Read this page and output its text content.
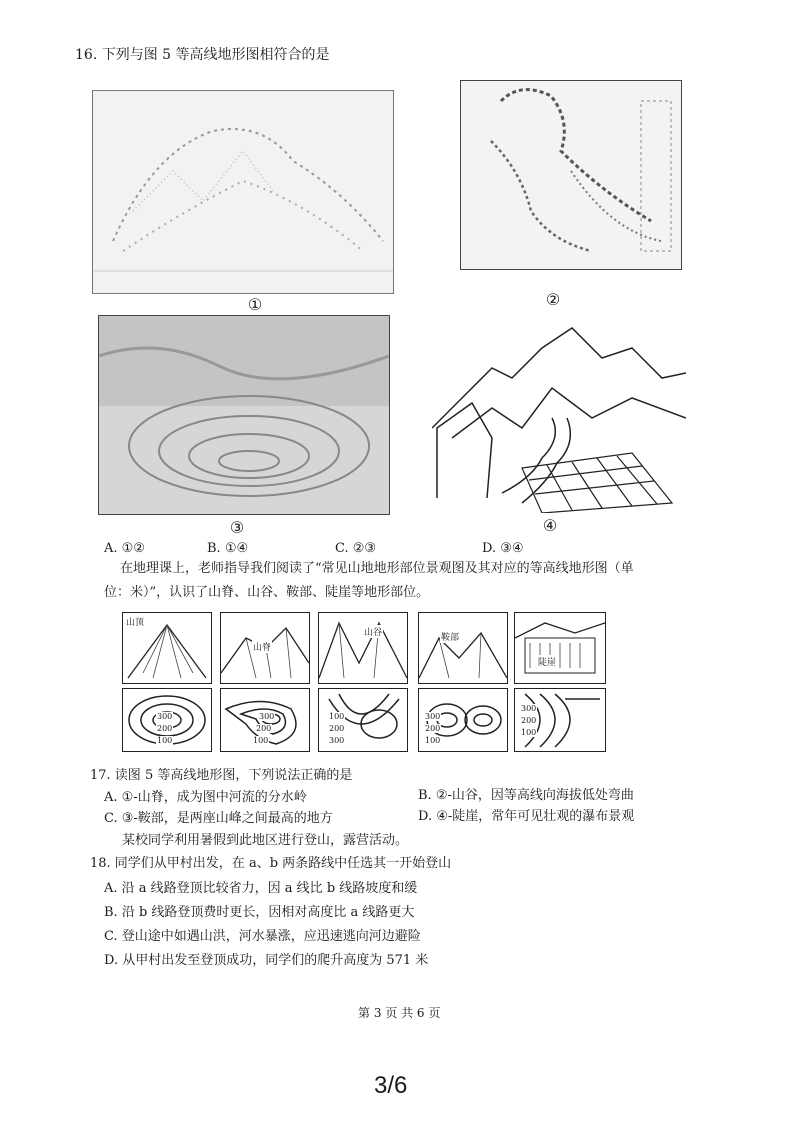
16. 下列与图 5 等高线地形图相符合的是
①	②
③	④
A. ①②	B. ①④	C. ②③	D. ③④
在地理课上，老师指导我们阅读了“常见山地地形部位景观图及其对应的等高线地形图（单
位：米）”，认识了山脊、山谷、鞍部、陡崖等地形部位。
山顶
山脊
山谷	鞍部
陡崖
300
200
100
300
200
100
100
200
300
300
200
100
300
200
100
17. 读图 5 等高线地形图，下列说法正确的是
A. ①-山脊，成为图中河流的分水岭	B. ②-山谷，因等高线向海拔低处弯曲
C. ③-鞍部，是两座山峰之间最高的地方	D. ④-陡崖，常年可见壮观的瀑布景观
某校同学利用暑假到此地区进行登山，露营活动。
18. 同学们从甲村出发，在 a、b 两条路线中任选其一开始登山
A. 沿 a 线路登顶比较省力，因 a 线比 b 线路坡度和缓
B. 沿 b 线路登顶费时更长，因相对高度比 a 线路更大
C. 登山途中如遇山洪，河水暴涨，应迅速逃向河边避险
D. 从甲村出发至登顶成功，同学们的爬升高度为 571 米
第 3 页 共 6 页
3/6
